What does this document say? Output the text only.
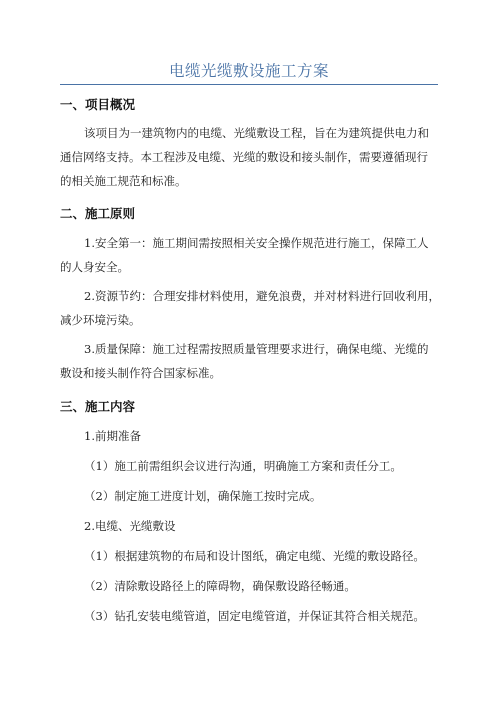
电缆光缆敷设施工方案
一、项目概况
该项目为一建筑物内的电缆、光缆敷设工程，旨在为建筑提供电力和
通信网络支持。本工程涉及电缆、光缆的敷设和接头制作，需要遵循现行
的相关施工规范和标准。
二、施工原则
1.安全第一：施工期间需按照相关安全操作规范进行施工，保障工人
的人身安全。
2.资源节约：合理安排材料使用，避免浪费，并对材料进行回收利用，
减少环境污染。
3.质量保障：施工过程需按照质量管理要求进行，确保电缆、光缆的
敷设和接头制作符合国家标准。
三、施工内容
1.前期准备
（1）施工前需组织会议进行沟通，明确施工方案和责任分工。
（2）制定施工进度计划，确保施工按时完成。
2.电缆、光缆敷设
（1）根据建筑物的布局和设计图纸，确定电缆、光缆的敷设路径。
（2）清除敷设路径上的障碍物，确保敷设路径畅通。
（3）钻孔安装电缆管道，固定电缆管道，并保证其符合相关规范。
